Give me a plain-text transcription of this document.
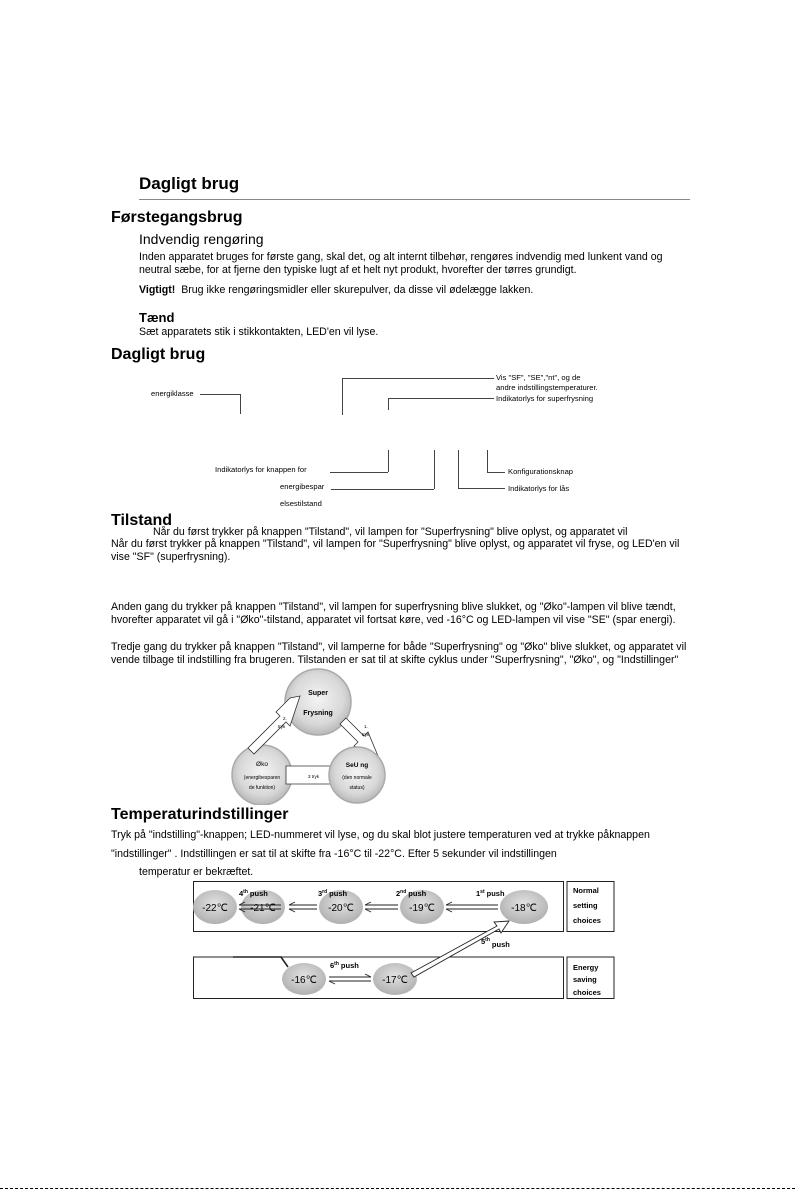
Dagligt brug
Førstegangsbrug
Indvendig rengøring
Inden apparatet bruges for første gang, skal det, og alt internt tilbehør, rengøres indvendig med lunkent vand og
neutral sæbe, for at fjerne den typiske lugt af et helt nyt produkt, hvorefter der tørres grundigt.
Vigtigt! Brug ikke rengøringsmidler eller skurepulver, da disse vil ødelægge lakken.
Tænd
Sæt apparatets stik i stikkontakten, LED'en vil lyse.
Dagligt brug
energiklasse
Vis "SF", "SE","nt", og de
andre indstillingstemperaturer.
Indikatorlys for superfrysning
Indikatorlys for knappen for
energibespar
elsestilstand
Indikatorlys for lås
Konfigurationsknap
Tilstand
Når du først trykker på knappen "Tilstand", vil lampen for "Superfrysning" blive oplyst, og apparatet vil
Når du først trykker på knappen "Tilstand", vil lampen for "Superfrysning" blive oplyst, og apparatet vil fryse, og LED'en vil
vise "SF" (superfrysning).
Anden gang du trykker på knappen "Tilstand", vil lampen for superfrysning blive slukket, og "Øko"-lampen vil blive tændt,
hvorefter apparatet vil gå i "Øko"-tilstand, apparatet vil fortsat køre, ved -16°C og LED-lampen vil vise "SE" (spar energi).
Tredje gang du trykker på knappen "Tilstand", vil lamperne for både "Superfrysning" og "Øko" blive slukket, og apparatet vil
vende tilbage til indstilling fra brugeren. Tilstanden er sat til at skifte cyklus under "Superfrysning", "Øko", og "Indstillinger"
Super
Frysning
Øko
(energibesparen
de funktion)
2.
tryk	1.
tryk
3 tryk
SeU ng
(den normale
status)
Temperaturindstillinger
Tryk på "indstilling"-knappen; LED-nummeret vil lyse, og du skal blot justere temperaturen ved at trykke påknappen
"indstillinger" . Indstillingen er sat til at skifte fra -16°C til -22°C. Efter 5 sekunder vil indstillingen
temperatur er bekræftet.
-22℃ -21℃	-20℃	-19℃	-18℃
4th push	3rd push	2nd push	1st push
-16℃	-17℃
6th push
5th push
Normal
setting
choices
Energy
saving
choices
